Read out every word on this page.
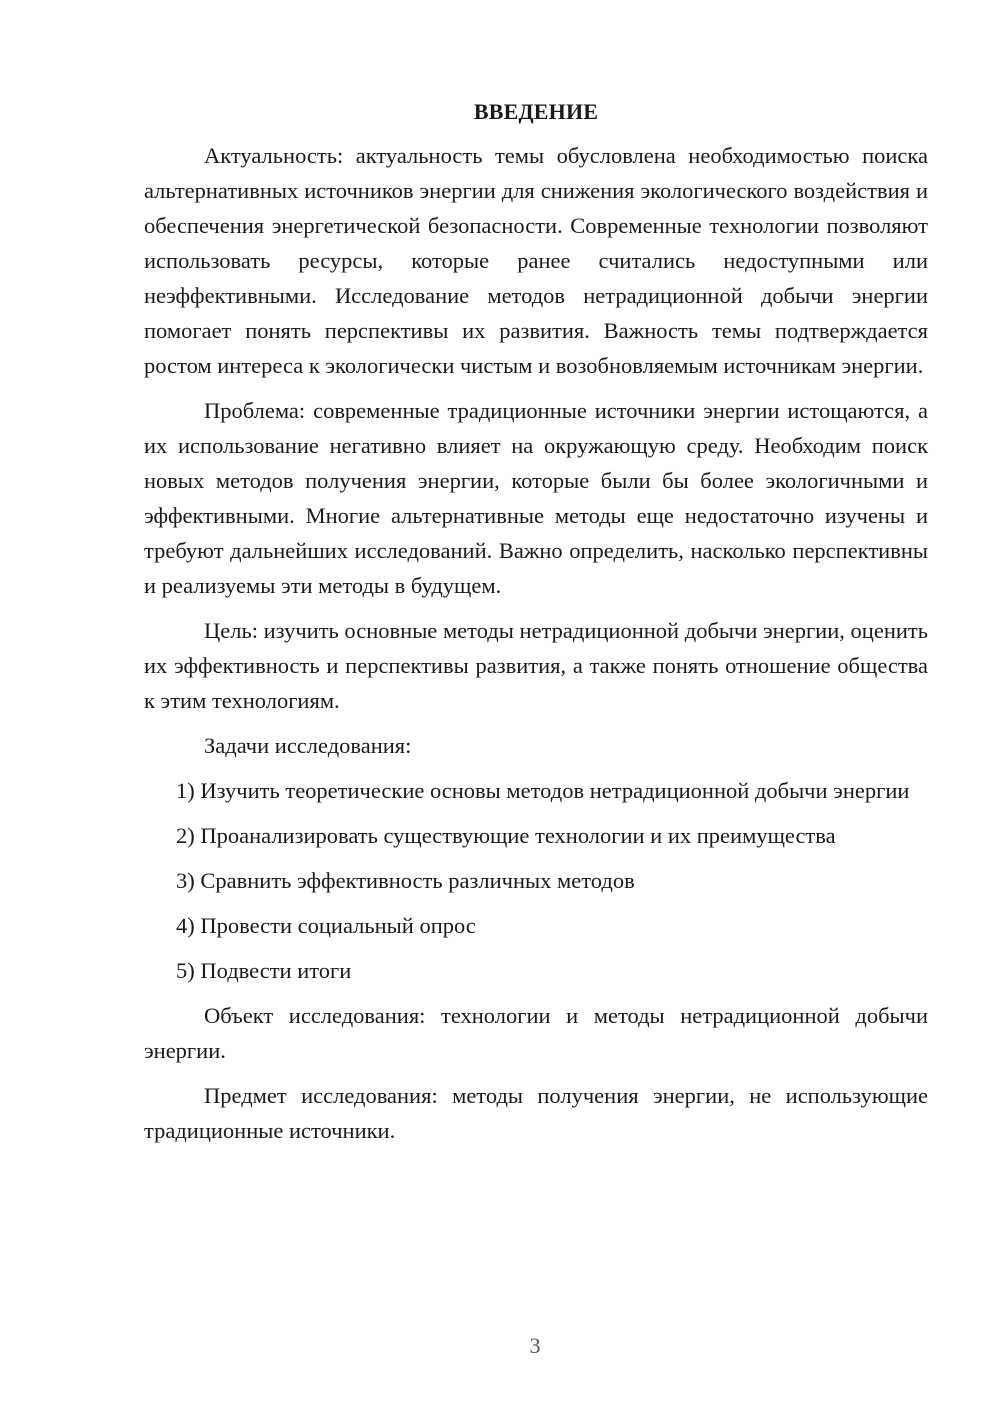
ВВЕДЕНИЕ

Актуальность: актуальность темы обусловлена необходимостью поиска альтернативных источников энергии для снижения экологического воздействия и обеспечения энергетической безопасности. Современные технологии позволяют использовать ресурсы, которые ранее считались недоступными или неэффективными. Исследование методов нетрадиционной добычи энергии помогает понять перспективы их развития. Важность темы подтверждается ростом интереса к экологически чистым и возобновляемым источникам энергии.

Проблема: современные традиционные источники энергии истощаются, а их использование негативно влияет на окружающую среду. Необходим поиск новых методов получения энергии, которые были бы более экологичными и эффективными. Многие альтернативные методы еще недостаточно изучены и требуют дальнейших исследований. Важно определить, насколько перспективны и реализуемы эти методы в будущем.

Цель: изучить основные методы нетрадиционной добычи энергии, оценить их эффективность и перспективы развития, а также понять отношение общества к этим технологиям.

Задачи исследования:

1) Изучить теоретические основы методов нетрадиционной добычи энергии

2) Проанализировать существующие технологии и их преимущества

3) Сравнить эффективность различных методов

4) Провести социальный опрос

5) Подвести итоги

Объект исследования: технологии и методы нетрадиционной добычи энергии.

Предмет исследования: методы получения энергии, не использующие традиционные источники.

3
